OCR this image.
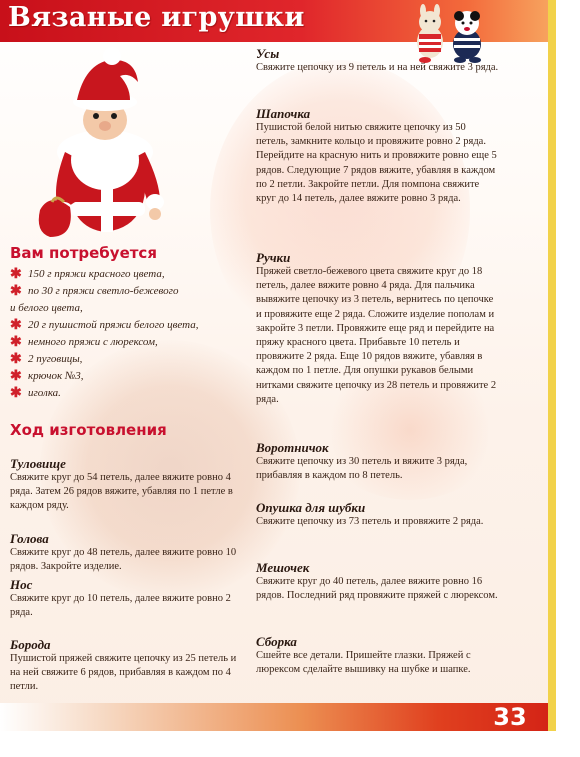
Вязаные игрушки
Вам потребуется
✱ 150 г пряжи красного цвета,
✱ по 30 г пряжи светло-бежевого
и белого цвета,
✱ 20 г пушистой пряжи белого цвета,
✱ немного пряжи с люрексом,
✱ 2 пуговицы,
✱ крючок №3,
✱ иголка.
Ход изготовления

Туловище

Свяжите круг до 54 петель, далее вяжите ровно 4 ряда. Затем 26 рядов вяжите, убавляя по 1 петле в каждом ряду.

Голова

Свяжите круг до 48 петель, далее вяжите ровно 10 рядов. Закройте изделие.

Нос

Свяжите круг до 10 петель, далее вяжите ровно 2 ряда.

Борода

Пушистой пряжей свяжите цепочку из 25 петель и на ней свяжите 6 рядов, прибавляя в каждом по 4 петли.

Усы

Свяжите цепочку из 9 петель и на ней свяжите 3 ряда.

Шапочка

Пушистой белой нитью свяжите цепочку из 50 петель, замкните кольцо и провяжите ровно 2 ряда. Перейдите на красную нить и провяжите ровно еще 5 рядов. Следующие 7 рядов вяжите, убавляя в каждом по 2 петли. Закройте петли. Для помпона свяжите круг до 14 петель, далее вяжите ровно 3 ряда.

Ручки

Пряжей светло-бежевого цвета свяжите круг до 18 петель, далее вяжите ровно 4 ряда. Для пальчика вывяжите цепочку из 3 петель, вернитесь по цепочке и провяжите еще 2 ряда. Сложите изделие пополам и закройте 3 петли. Провяжите еще ряд и перейдите на пряжу красного цвета. Прибавьте 10 петель и провяжите 2 ряда. Еще 10 рядов вяжите, убавляя в каждом по 1 петле. Для опушки рукавов белыми нитками свяжите цепочку из 28 петель и провяжите 2 ряда.

Воротничок

Свяжите цепочку из 30 петель и вяжите 3 ряда, прибавляя в каждом по 8 петель.

Опушка для шубки

Свяжите цепочку из 73 петель и провяжите 2 ряда.

Мешочек

Свяжите круг до 40 петель, далее вяжите ровно 16 рядов. Последний ряд провяжите пряжей с люрексом.

Сборка

Сшейте все детали. Пришейте глазки. Пряжей с люрексом сделайте вышивку на шубке и шапке.

33
